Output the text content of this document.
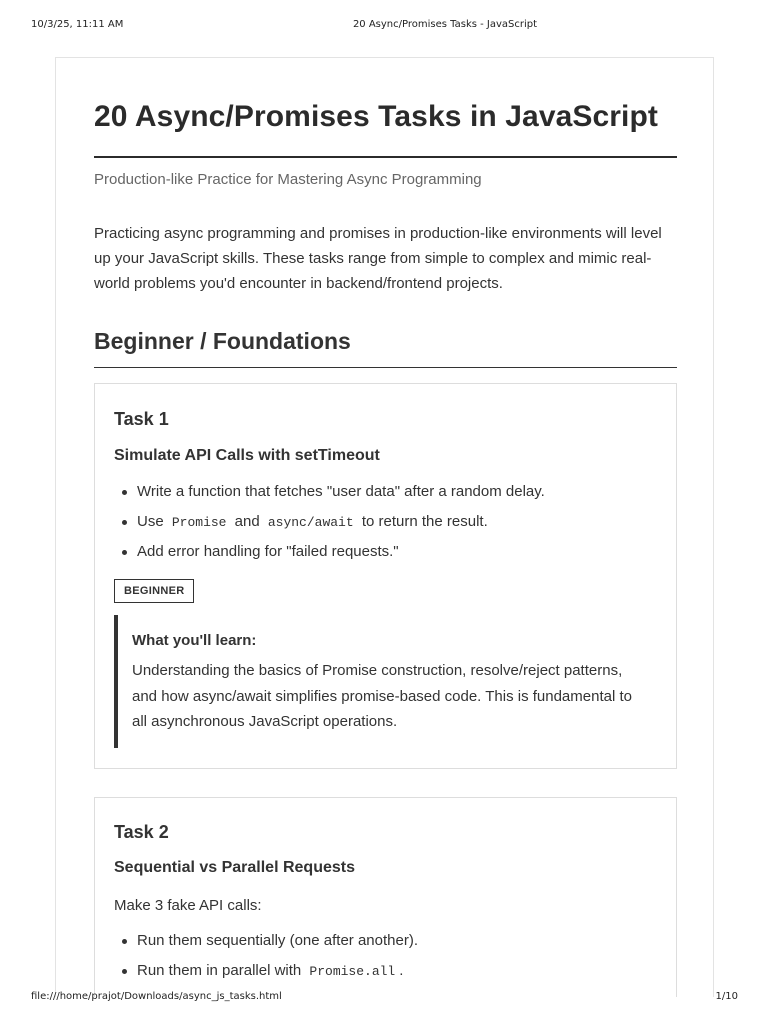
10/3/25, 11:11 AM	20 Async/Promises Tasks - JavaScript
20 Async/Promises Tasks in JavaScript
Production-like Practice for Mastering Async Programming

Practicing async programming and promises in production-like environments will level up your JavaScript skills. These tasks range from simple to complex and mimic real-world problems you'd encounter in backend/frontend projects.

Beginner / Foundations
Task 1
Simulate API Calls with setTimeout
Write a function that fetches "user data" after a random delay.
Use Promise and async/await to return the result.
Add error handling for "failed requests."
BEGINNER

What you'll learn:

Understanding the basics of Promise construction, resolve/reject patterns, and how async/await simplifies promise-based code. This is fundamental to all asynchronous JavaScript operations.

Task 2
Sequential vs Parallel Requests

Make 3 fake API calls:

Run them sequentially (one after another).
Run them in parallel with Promise.all .
file:///home/prajot/Downloads/async_js_tasks.html	1/10
